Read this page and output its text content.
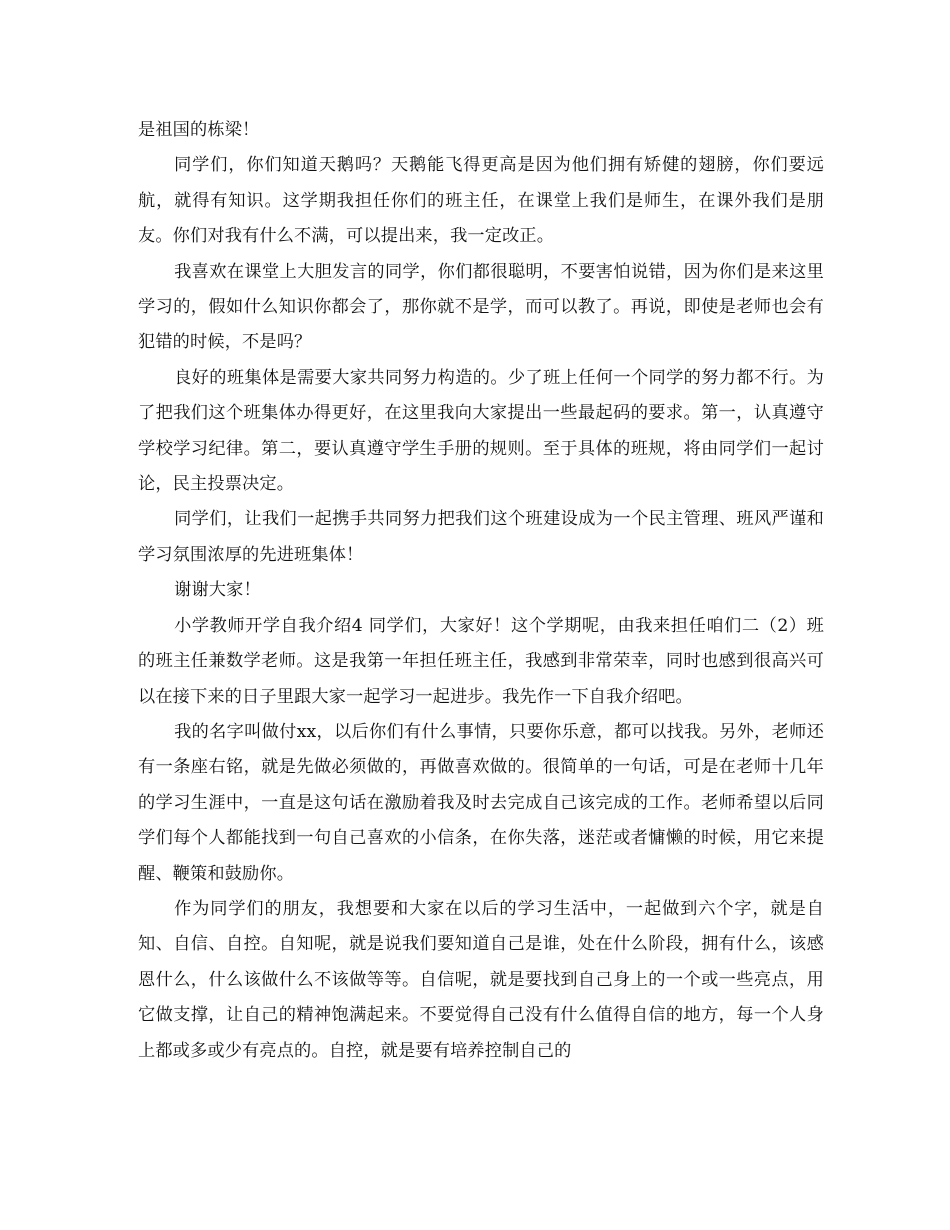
是祖国的栋梁！

同学们，你们知道天鹅吗？天鹅能飞得更高是因为他们拥有矫健的翅膀，你们要远航，就得有知识。这学期我担任你们的班主任，在课堂上我们是师生，在课外我们是朋友。你们对我有什么不满，可以提出来，我一定改正。

我喜欢在课堂上大胆发言的同学，你们都很聪明，不要害怕说错，因为你们是来这里学习的，假如什么知识你都会了，那你就不是学，而可以教了。再说，即使是老师也会有犯错的时候，不是吗？

良好的班集体是需要大家共同努力构造的。少了班上任何一个同学的努力都不行。为了把我们这个班集体办得更好，在这里我向大家提出一些最起码的要求。第一，认真遵守学校学习纪律。第二，要认真遵守学生手册的规则。至于具体的班规，将由同学们一起讨论，民主投票决定。

同学们，让我们一起携手共同努力把我们这个班建设成为一个民主管理、班风严谨和学习氛围浓厚的先进班集体！

谢谢大家！

小学教师开学自我介绍4 同学们，大家好！这个学期呢，由我来担任咱们二（2）班的班主任兼数学老师。这是我第一年担任班主任，我感到非常荣幸，同时也感到很高兴可以在接下来的日子里跟大家一起学习一起进步。我先作一下自我介绍吧。

我的名字叫做付xx，以后你们有什么事情，只要你乐意，都可以找我。另外，老师还有一条座右铭，就是先做必须做的，再做喜欢做的。很简单的一句话，可是在老师十几年的学习生涯中，一直是这句话在激励着我及时去完成自己该完成的工作。老师希望以后同学们每个人都能找到一句自己喜欢的小信条，在你失落，迷茫或者慵懒的时候，用它来提醒、鞭策和鼓励你。

作为同学们的朋友，我想要和大家在以后的学习生活中，一起做到六个字，就是自知、自信、自控。自知呢，就是说我们要知道自己是谁，处在什么阶段，拥有什么，该感恩什么，什么该做什么不该做等等。自信呢，就是要找到自己身上的一个或一些亮点，用它做支撑，让自己的精神饱满起来。不要觉得自己没有什么值得自信的地方，每一个人身上都或多或少有亮点的。自控，就是要有培养控制自己的
